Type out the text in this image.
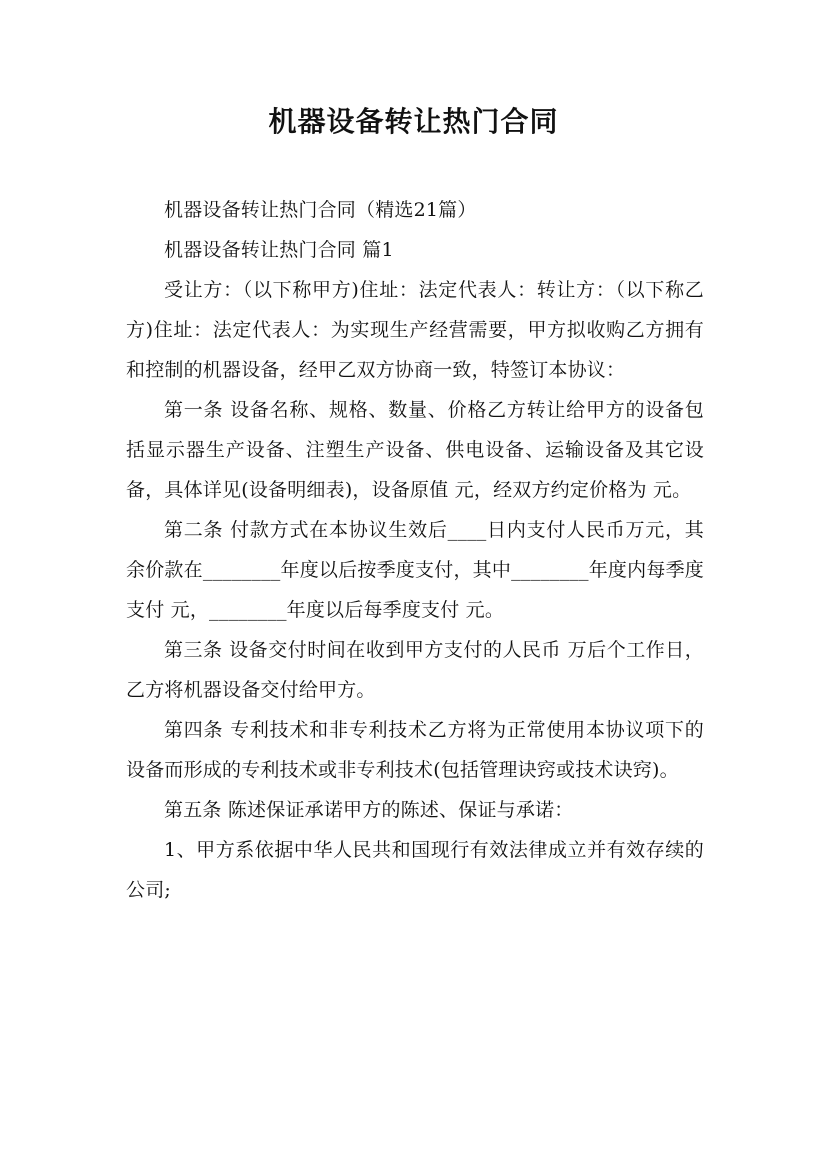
机器设备转让热门合同

机器设备转让热门合同（精选21篇）

机器设备转让热门合同 篇1

受让方：（以下称甲方)住址：法定代表人：转让方：（以下称乙方)住址：法定代表人：为实现生产经营需要，甲方拟收购乙方拥有和控制的机器设备，经甲乙双方协商一致，特签订本协议：

第一条 设备名称、规格、数量、价格乙方转让给甲方的设备包括显示器生产设备、注塑生产设备、供电设备、运输设备及其它设备，具体详见(设备明细表)，设备原值 元，经双方约定价格为 元。

第二条 付款方式在本协议生效后____日内支付人民币万元，其余价款在________年度以后按季度支付，其中________年度内每季度支付 元，________年度以后每季度支付 元。

第三条 设备交付时间在收到甲方支付的人民币 万后个工作日，乙方将机器设备交付给甲方。

第四条 专利技术和非专利技术乙方将为正常使用本协议项下的设备而形成的专利技术或非专利技术(包括管理诀窍或技术诀窍)。

第五条 陈述保证承诺甲方的陈述、保证与承诺：

1、甲方系依据中华人民共和国现行有效法律成立并有效存续的公司;
